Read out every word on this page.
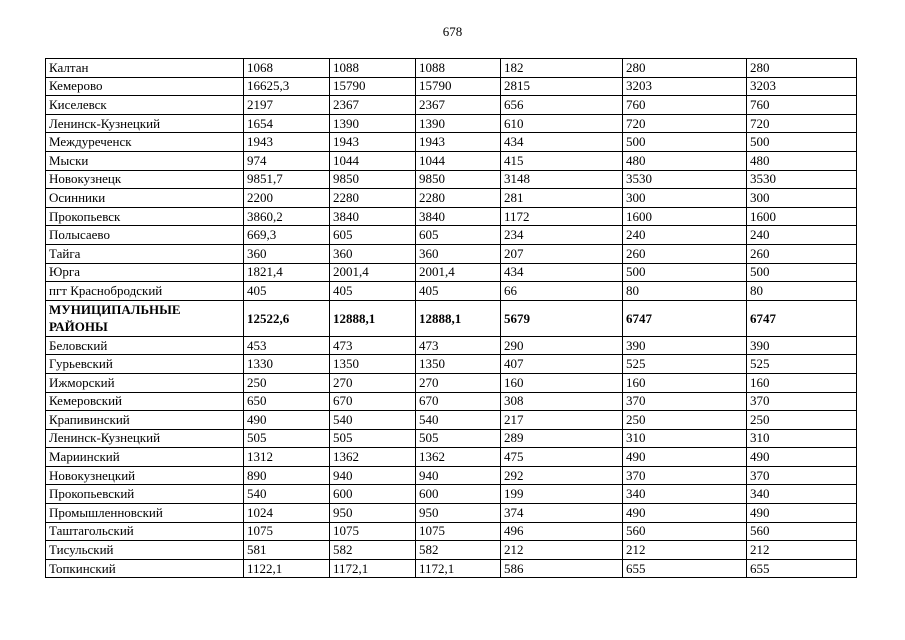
678
Калтан	1068	1088	1088	182	280	280
Кемерово	16625,3	15790	15790	2815	3203	3203
Киселевск	2197	2367	2367	656	760	760
Ленинск-Кузнецкий	1654	1390	1390	610	720	720
Междуреченск	1943	1943	1943	434	500	500
Мыски	974	1044	1044	415	480	480
Новокузнецк	9851,7	9850	9850	3148	3530	3530
Осинники	2200	2280	2280	281	300	300
Прокопьевск	3860,2	3840	3840	1172	1600	1600
Полысаево	669,3	605	605	234	240	240
Тайга	360	360	360	207	260	260
Юрга	1821,4	2001,4	2001,4	434	500	500
пгт Краснобродский	405	405	405	66	80	80
МУНИЦИПАЛЬНЫЕ РАЙОНЫ	12522,6	12888,1	12888,1	5679	6747	6747
Беловский	453	473	473	290	390	390
Гурьевский	1330	1350	1350	407	525	525
Ижморский	250	270	270	160	160	160
Кемеровский	650	670	670	308	370	370
Крапивинский	490	540	540	217	250	250
Ленинск-Кузнецкий	505	505	505	289	310	310
Мариинский	1312	1362	1362	475	490	490
Новокузнецкий	890	940	940	292	370	370
Прокопьевский	540	600	600	199	340	340
Промышленновский	1024	950	950	374	490	490
Таштагольский	1075	1075	1075	496	560	560
Тисульский	581	582	582	212	212	212
Топкинский	1122,1	1172,1	1172,1	586	655	655
